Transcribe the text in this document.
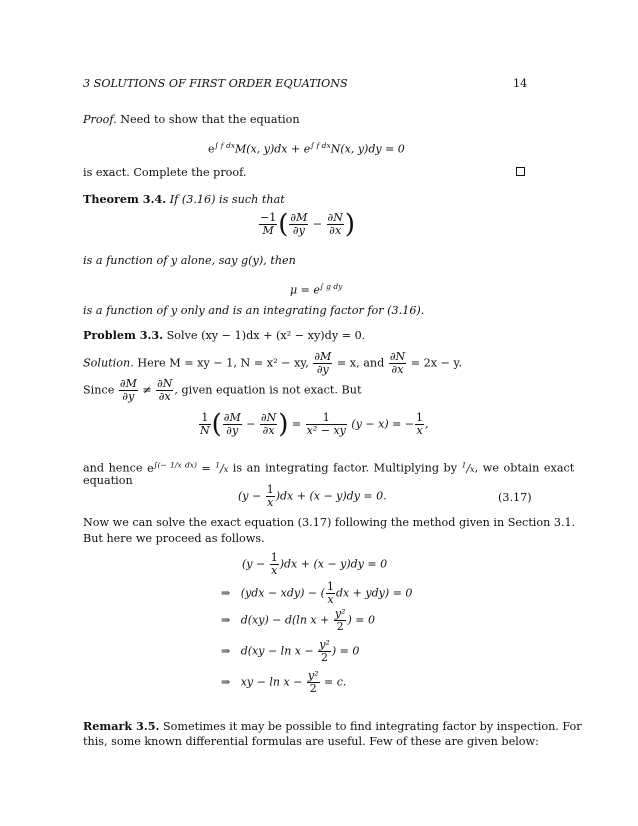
3 SOLUTIONS OF FIRST ORDER EQUATIONS	14
Proof. Need to show that the equation
$e^{\int f dx}M(x$, $y)dx + e^{\int f dx}N(x$, y)dy = 0
is exact. Complete the proof.
Theorem 3.4. If (3.16) is such that
$\frac{-1}{M}$ ( $\frac{\partial M}{\partial y} - \frac{\partial N}{\partial x}$ )
is a function of y alone, say g(y), then
$\mu = e^{\int g dy}$
is a function of y only and is an integrating factor for (3.16).
Problem 3.3. Solve (xy − 1)dx + (x² − xy)dy = 0.
Solution. Here M = xy − 1, N = x² − xy, $\frac{\partial M}{\partial y} = x$, and $\frac{\partial N}{\partial x} = 2x - y$.
Since $\frac{\partial M}{\partial y} \ne \frac{\partial N}{\partial x}$ , given equation is not exact. But
$\frac{1}{N}$ ( $\frac{\partial M}{\partial y} - \frac{\partial N}{\partial x}$ ) = $\frac{1}{\text{x² − xy}} (y - x)$ = − $\frac{1}{x}$ ,
and hence $e^{\int(- 1/x dx)} = ^1/x$ is an integrating factor. Multiplying by $^1$/x, we obtain exact
equation
$(y - \frac{1}{x} )dx + (x - y)dy = 0$.	(3.17)
Now we can solve the exact equation (3.17) following the method given in Section 3.1.
But here we proceed as follows.
$(y - \frac{1}{x} )dx + (x - y)dy = 0$
⇒ (ydx − xdy) − ( $\frac{1}{x}$ dx + ydy) = 0
⇒ d(xy) − d(ln $x + \frac{\text{y²}}{2}$ ) = 0
⇒ $d(xy - \ln x - \frac{\text{y²}}{2}$ ) = 0
⇒ xy − $\ln x - \frac{\text{y²}}{2} = c$.
Remark 3.5. Sometimes it may be possible to find integrating factor by inspection. For
this, some known differential formulas are useful. Few of these are given below:
